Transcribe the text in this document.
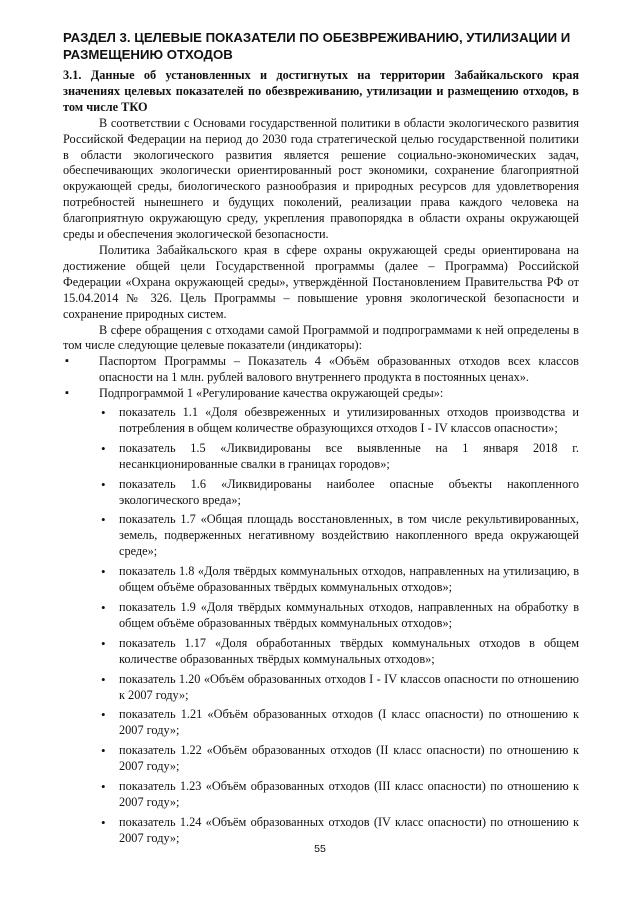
РАЗДЕЛ 3. ЦЕЛЕВЫЕ ПОКАЗАТЕЛИ ПО ОБЕЗВРЕЖИВАНИЮ, УТИЛИЗАЦИИ И РАЗМЕЩЕНИЮ ОТХОДОВ
3.1. Данные об установленных и достигнутых на территории Забайкальского края значениях целевых показателей по обезвреживанию, утилизации и размещению отходов, в том числе ТКО

В соответствии с Основами государственной политики в области экологического развития Российской Федерации на период до 2030 года стратегической целью государственной политики в области экологического развития является решение социально-экономических задач, обеспечивающих экологически ориентированный рост экономики, сохранение благоприятной окружающей среды, биологического разнообразия и природных ресурсов для удовлетворения потребностей нынешнего и будущих поколений, реализации права каждого человека на благоприятную окружающую среду, укрепления правопорядка в области охраны окружающей среды и обеспечения экологической безопасности.

Политика Забайкальского края в сфере охраны окружающей среды ориентирована на достижение общей цели Государственной программы (далее – Программа) Российской Федерации «Охрана окружающей среды», утверждённой Постановлением Правительства РФ от 15.04.2014 № 326. Цель Программы – повышение уровня экологической безопасности и сохранение природных систем.

В сфере обращения с отходами самой Программой и подпрограммами к ней определены в том числе следующие целевые показатели (индикаторы):

▪ Паспортом Программы – Показатель 4 «Объём образованных отходов всех классов опасности на 1 млн. рублей валового внутреннего продукта в постоянных ценах».
▪ Подпрограммой 1 «Регулирование качества окружающей среды»:
• показатель 1.1 «Доля обезвреженных и утилизированных отходов производства и потребления в общем количестве образующихся отходов I - IV классов опасности»;
• показатель 1.5 «Ликвидированы все выявленные на 1 января 2018 г. несанкционированные свалки в границах городов»;
• показатель 1.6 «Ликвидированы наиболее опасные объекты накопленного экологического вреда»;
• показатель 1.7 «Общая площадь восстановленных, в том числе рекультивированных, земель, подверженных негативному воздействию накопленного вреда окружающей среде»;
• показатель 1.8 «Доля твёрдых коммунальных отходов, направленных на утилизацию, в общем объёме образованных твёрдых коммунальных отходов»;
• показатель 1.9 «Доля твёрдых коммунальных отходов, направленных на обработку в общем объёме образованных твёрдых коммунальных отходов»;
• показатель 1.17 «Доля обработанных твёрдых коммунальных отходов в общем количестве образованных твёрдых коммунальных отходов»;
• показатель 1.20 «Объём образованных отходов I - IV классов опасности по отношению к 2007 году»;
• показатель 1.21 «Объём образованных отходов (I класс опасности) по отношению к 2007 году»;
• показатель 1.22 «Объём образованных отходов (II класс опасности) по отношению к 2007 году»;
• показатель 1.23 «Объём образованных отходов (III класс опасности) по отношению к 2007 году»;
• показатель 1.24 «Объём образованных отходов (IV класс опасности) по отношению к 2007 году»;
55
